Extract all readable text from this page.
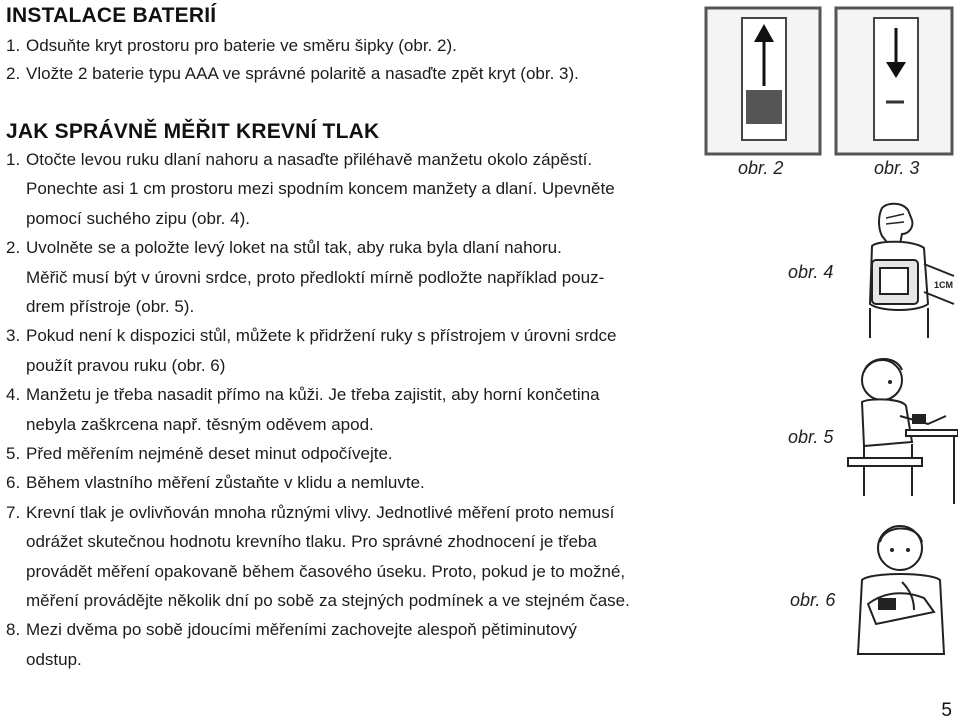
INSTALACE BATERIÍ
1. Odsuňte kryt prostoru pro baterie ve směru šipky (obr. 2).
2. Vložte 2 baterie typu AAA ve správné polaritě a nasaďte zpět kryt (obr. 3).
JAK SPRÁVNĚ MĚŘIT KREVNÍ TLAK
1. Otočte levou ruku dlaní nahoru a nasaďte přiléhavě manžetu okolo zápěstí.
Ponechte asi 1 cm prostoru mezi spodním koncem manžety a dlaní. Upevněte
pomocí suchého zipu (obr. 4).
2. Uvolněte se a položte levý loket na stůl tak, aby ruka byla dlaní nahoru.
Měřič musí být v úrovni srdce, proto předloktí mírně podložte například pouz-
drem přístroje (obr. 5).
3. Pokud není k dispozici stůl, můžete k přidržení ruky s přístrojem v úrovni srdce
použít pravou ruku (obr. 6)
4. Manžetu je třeba nasadit přímo na kůži. Je třeba zajistit, aby horní končetina
nebyla zaškrcena např. těsným oděvem apod.
5. Před měřením nejméně deset minut odpočívejte.
6. Během vlastního měření zůstaňte v klidu a nemluvte.
7. Krevní tlak je ovlivňován mnoha různými vlivy. Jednotlivé měření proto nemusí
odrážet skutečnou hodnotu krevního tlaku. Pro správné zhodnocení je třeba
provádět měření opakovaně během časového úseku. Proto, pokud je to možné,
měření provádějte několik dní po sobě za stejných podmínek a ve stejném čase.
8. Mezi dvěma po sobě jdoucími měřeními zachovejte alespoň pětiminutový
odstup.
obr. 2	obr. 3
1CM
obr. 4
obr. 5
obr. 6
5
